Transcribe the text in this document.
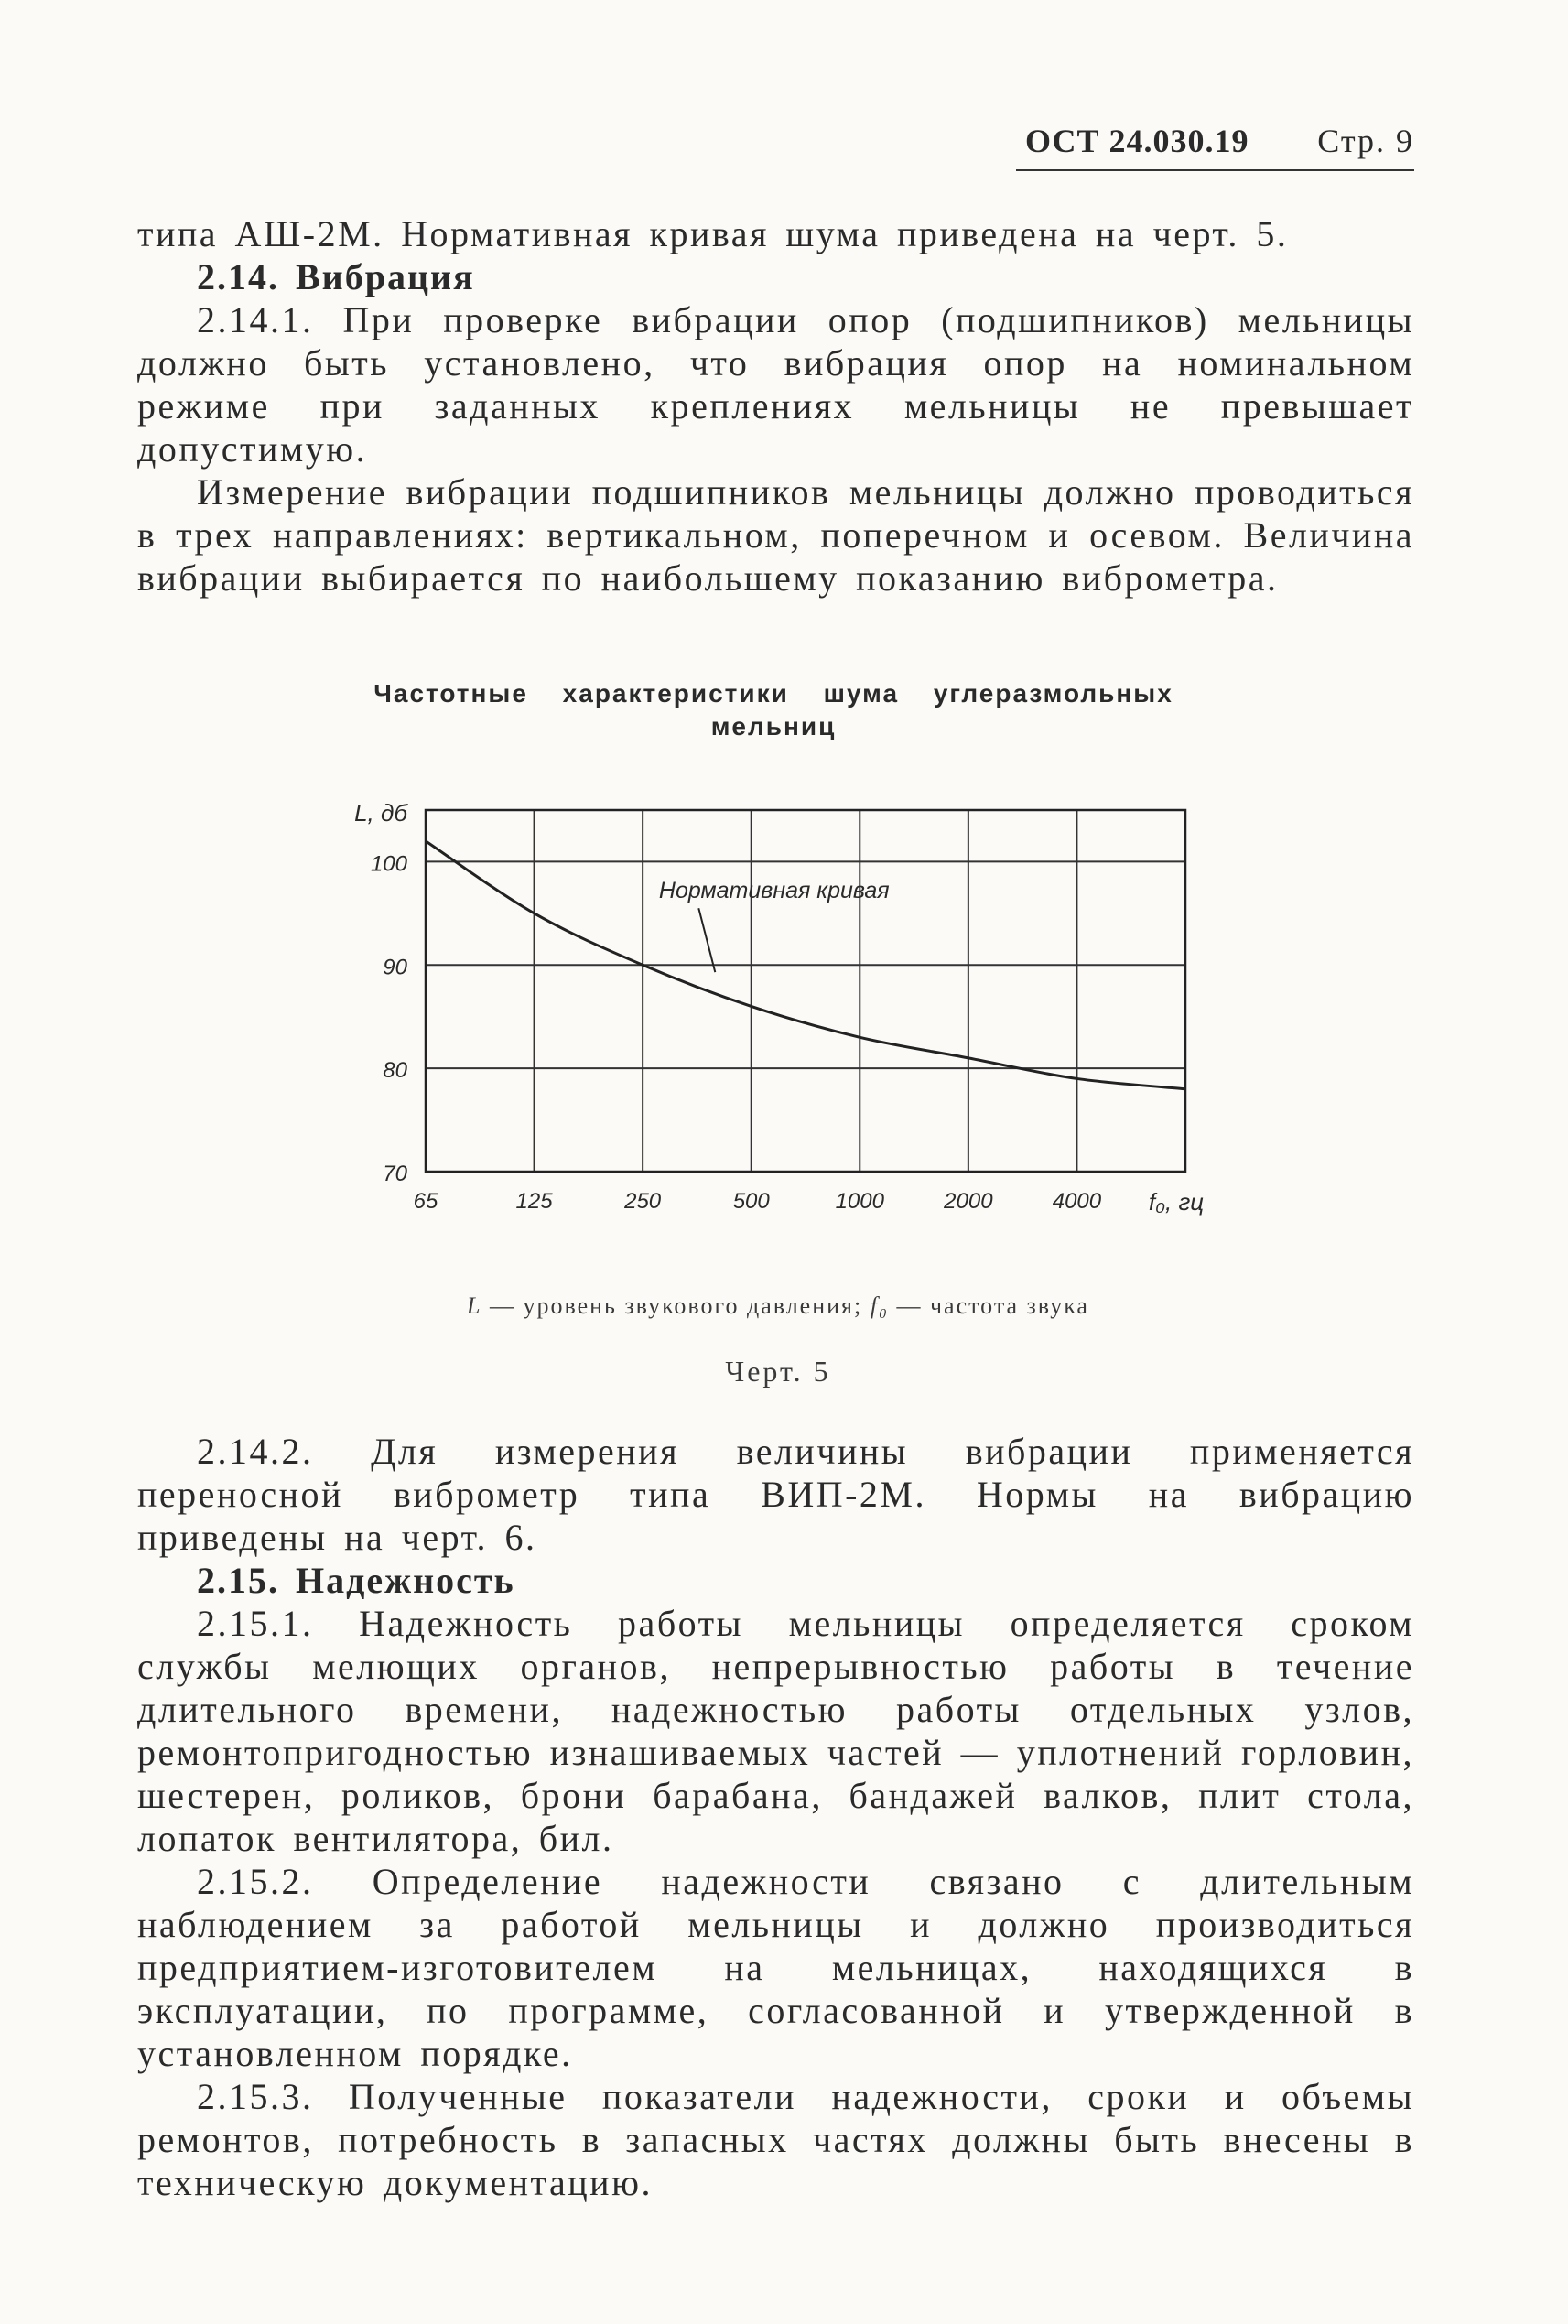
ОСТ 24.030.19 Стр. 9

типа АШ-2М. Нормативная кривая шума приведена на черт. 5.

2.14. Вибрация

2.14.1. При проверке вибрации опор (подшипников) мельницы должно быть установлено, что вибрация опор на номинальном режиме при заданных креплениях мельницы не превышает допустимую.

Измерение вибрации подшипников мельницы должно проводиться в трех направлениях: вертикальном, поперечном и осевом. Величина вибрации выбирается по наибольшему показанию виброметра.

Частотные характеристики шума углеразмольных
мельниц
70
80
90
100
L, дб
65	125	250	500	1000	2000	4000 f₀, гц
Нормативная кривая
L — уровень звукового давления; f₀ — частота звука
Черт. 5

2.14.2. Для измерения величины вибрации применяется переносной виброметр типа ВИП-2М. Нормы на вибрацию приведены на черт. 6.

2.15. Надежность

2.15.1. Надежность работы мельницы определяется сроком службы мелющих органов, непрерывностью работы в течение длительного времени, надежностью работы отдельных узлов, ремонтопригодностью изнашиваемых частей — уплотнений горловин, шестерен, роликов, брони барабана, бандажей валков, плит стола, лопаток вентилятора, бил.

2.15.2. Определение надежности связано с длительным наблюдением за работой мельницы и должно производиться предприятием-изготовителем на мельницах, находящихся в эксплуатации, по программе, согласованной и утвержденной в установленном порядке.

2.15.3. Полученные показатели надежности, сроки и объемы ремонтов, потребность в запасных частях должны быть внесены в техническую документацию.
